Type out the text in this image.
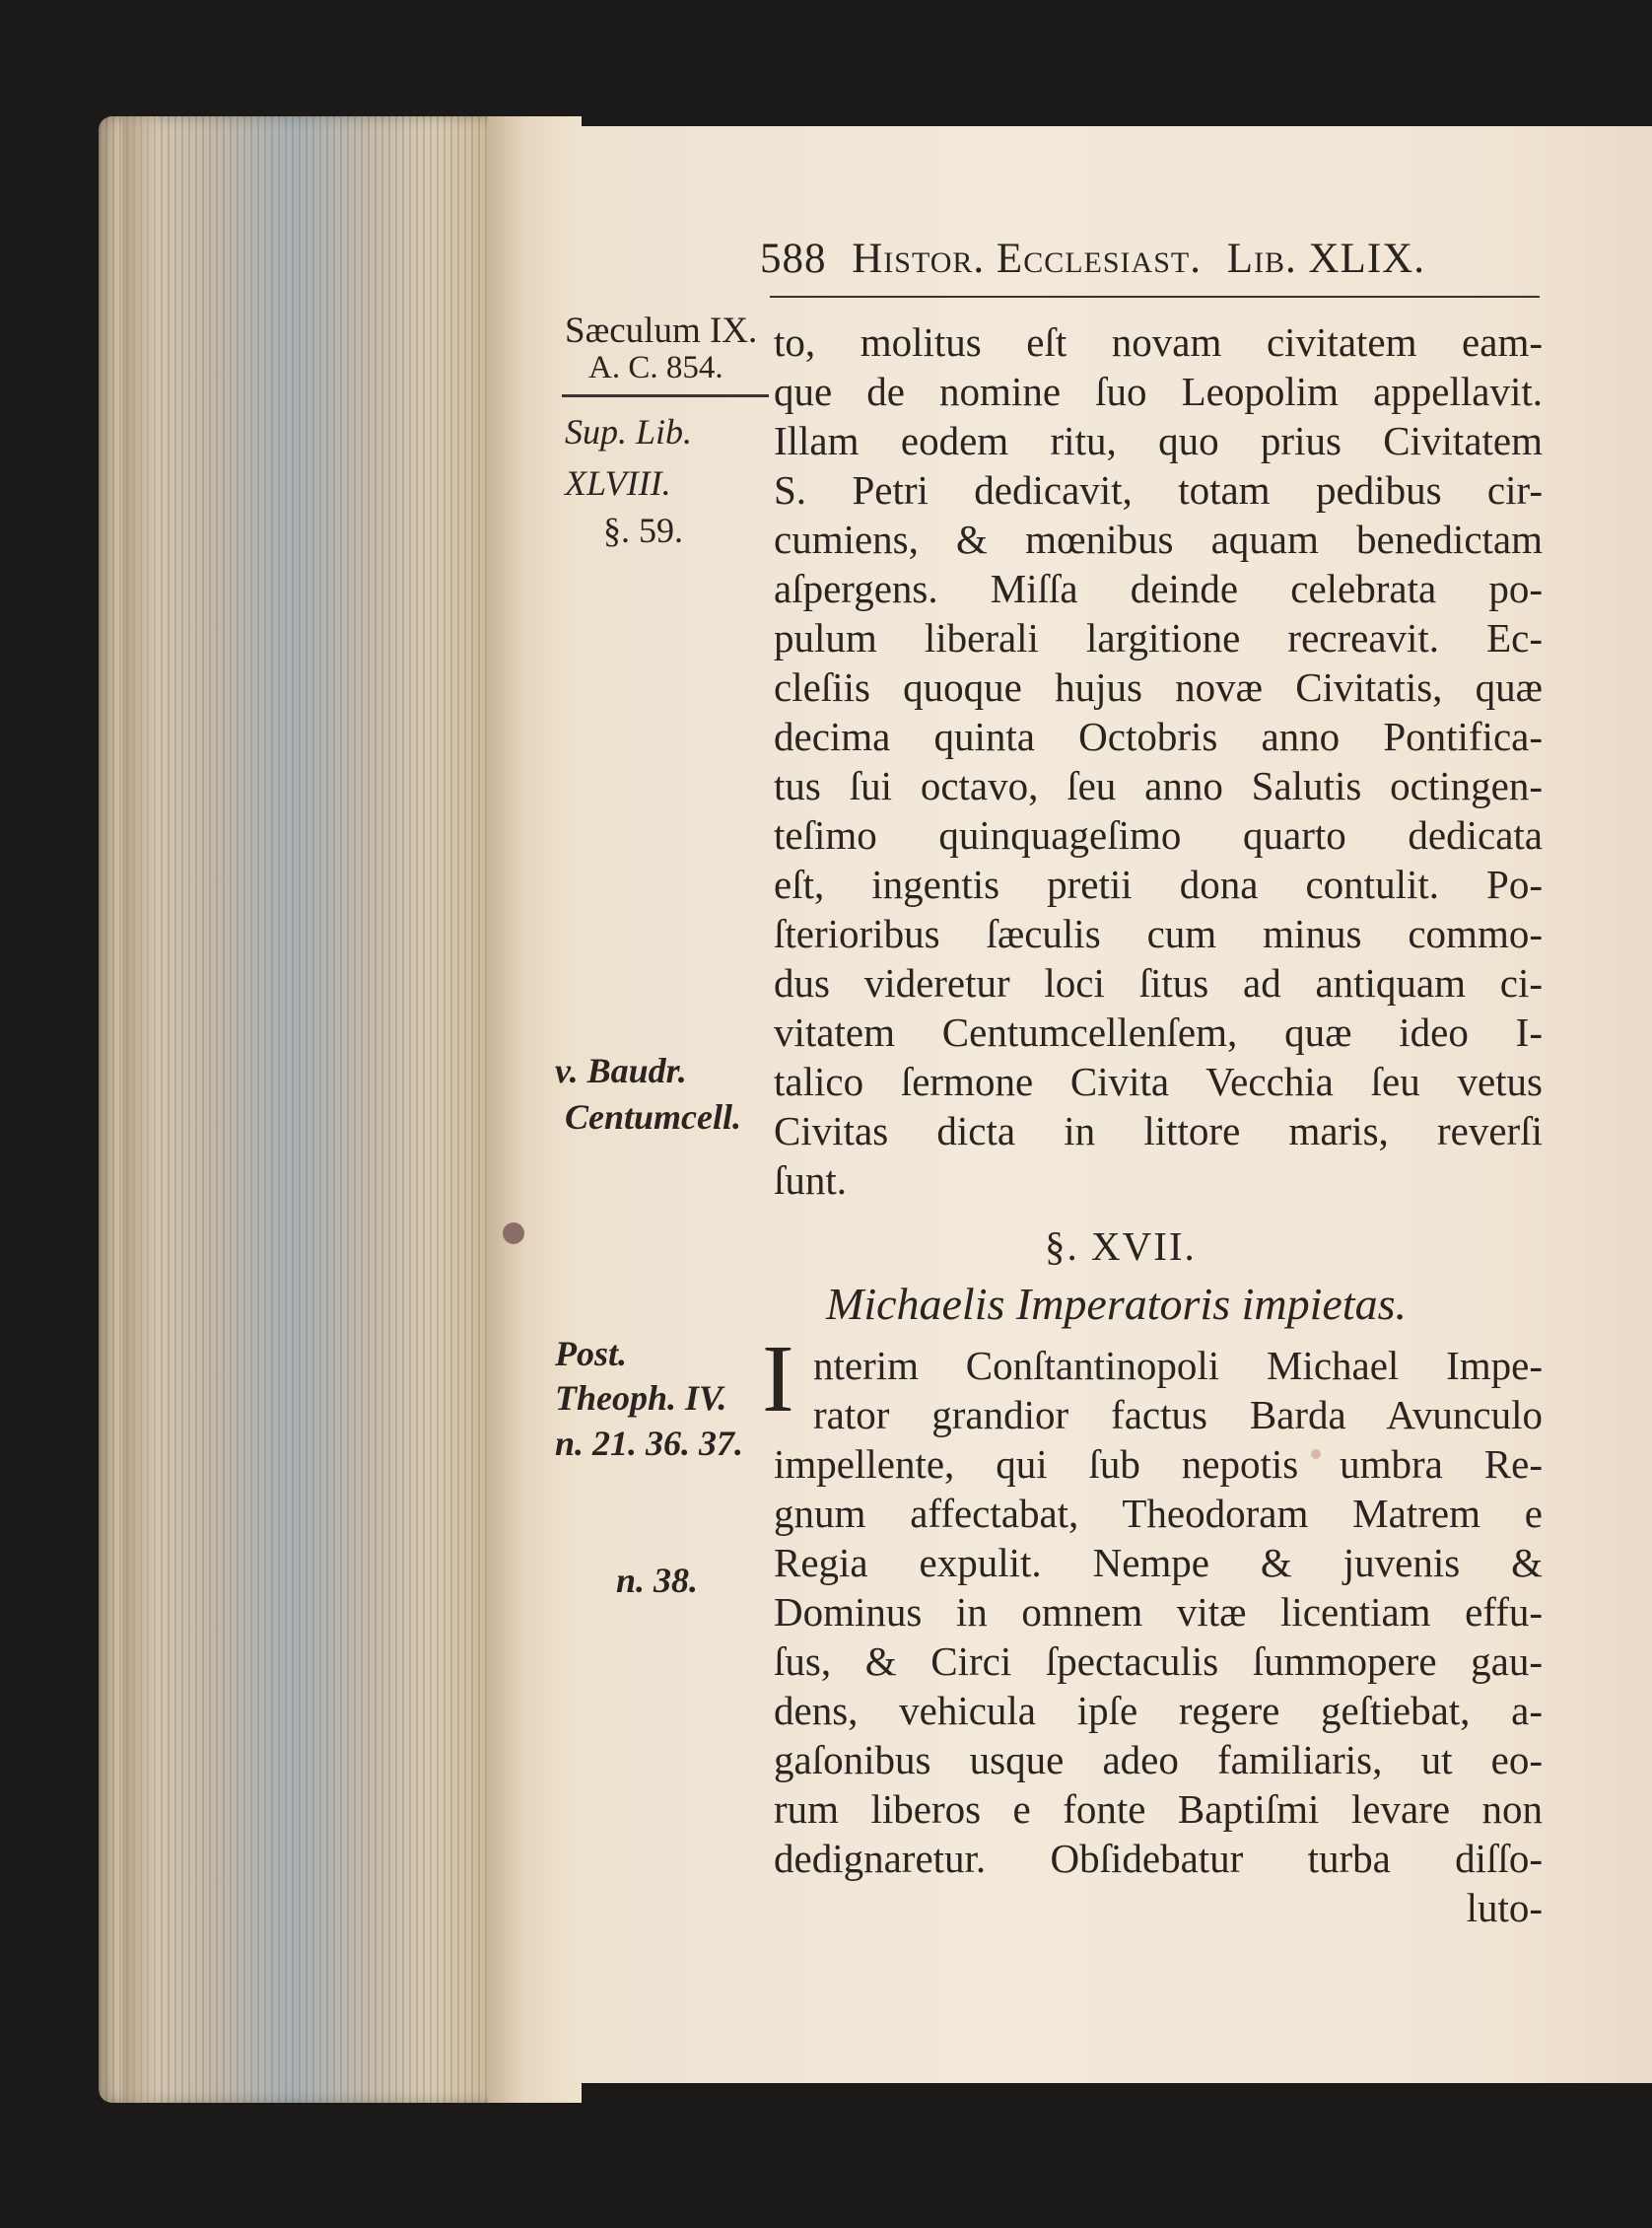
588 Histor. Ecclesiast. Lib. XLIX.
Sæculum IX.
A. C. 854.
Sup. Lib.
XLVIII.
§. 59.
v. Baudr.
Centumcell.
Post.
Theoph. IV.
n. 21. 36. 37.
n. 38.
to, molitus eſt novam civitatem eam-
que de nomine ſuo Leopolim appellavit.
Illam eodem ritu, quo prius Civitatem
S. Petri dedicavit, totam pedibus cir-
cumiens, & mœnibus aquam benedictam
aſpergens. Miſſa deinde celebrata po-
pulum liberali largitione recreavit. Ec-
cleſiis quoque hujus novæ Civitatis, quæ
decima quinta Octobris anno Pontifica-
tus ſui octavo, ſeu anno Salutis octingen-
teſimo quinquageſimo quarto dedicata
eſt, ingentis pretii dona contulit. Po-
ſterioribus ſæculis cum minus commo-
dus videretur loci ſitus ad antiquam ci-
vitatem Centumcellenſem, quæ ideo I-
talico ſermone Civita Vecchia ſeu vetus
Civitas dicta in littore maris, reverſi
ſunt.
§. XVII.
Michaelis Imperatoris impietas.
I nterim Conſtantinopoli Michael Impe-
rator grandior factus Barda Avunculo
impellente, qui ſub nepotis umbra Re-
gnum affectabat, Theodoram Matrem e
Regia expulit. Nempe & juvenis &
Dominus in omnem vitæ licentiam effu-
ſus, & Circi ſpectaculis ſummopere gau-
dens, vehicula ipſe regere geſtiebat, a-
gaſonibus usque adeo familiaris, ut eo-
rum liberos e fonte Baptiſmi levare non
dedignaretur. Obſidebatur turba diſſo-
luto-
